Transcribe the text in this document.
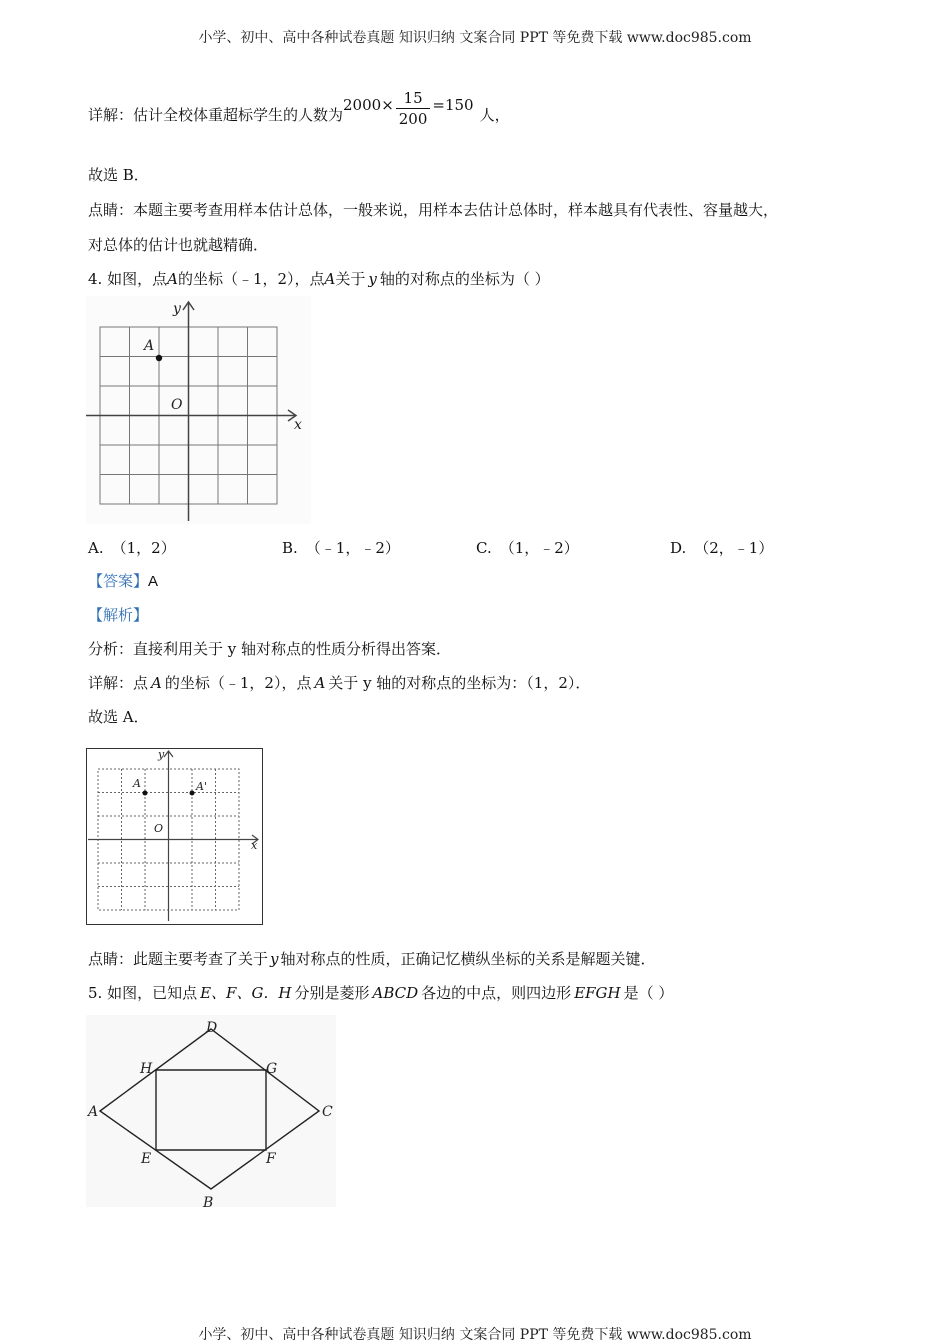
小学、初中、高中各种试卷真题 知识归纳 文案合同 PPT 等免费下载 www.doc985.com
详解：估计全校体重超标学生的人数为$2000\times \frac{15}{200} =150$人，
故选 B．
点睛：本题主要考查用样本估计总体，一般来说，用样本去估计总体时，样本越具有代表性、容量越大，
对总体的估计也就越精确．
4. 如图，点A的坐标（﹣1，2），点A关于 y 轴的对称点的坐标为（ ）
y
x
A
O
A. （1，2）	B. （﹣1，﹣2）	C. （1，﹣2）	D. （2，﹣1）
【答案】A
【解析】
分析：直接利用关于 y 轴对称点的性质分析得出答案．
详解：点 A 的坐标（﹣1，2），点 A 关于 y 轴的对称点的坐标为：（1，2）．
故选 A．
y
x
A	A'
O
点睛：此题主要考查了关于 y 轴对称点的性质，正确记忆横纵坐标的关系是解题关键．
5. 如图，已知点 E、F、G．H 分别是菱形 ABCD 各边的中点，则四边形 EFGH 是（ ）
A
B
C
D
E	F
G
H
小学、初中、高中各种试卷真题 知识归纳 文案合同 PPT 等免费下载 www.doc985.com
